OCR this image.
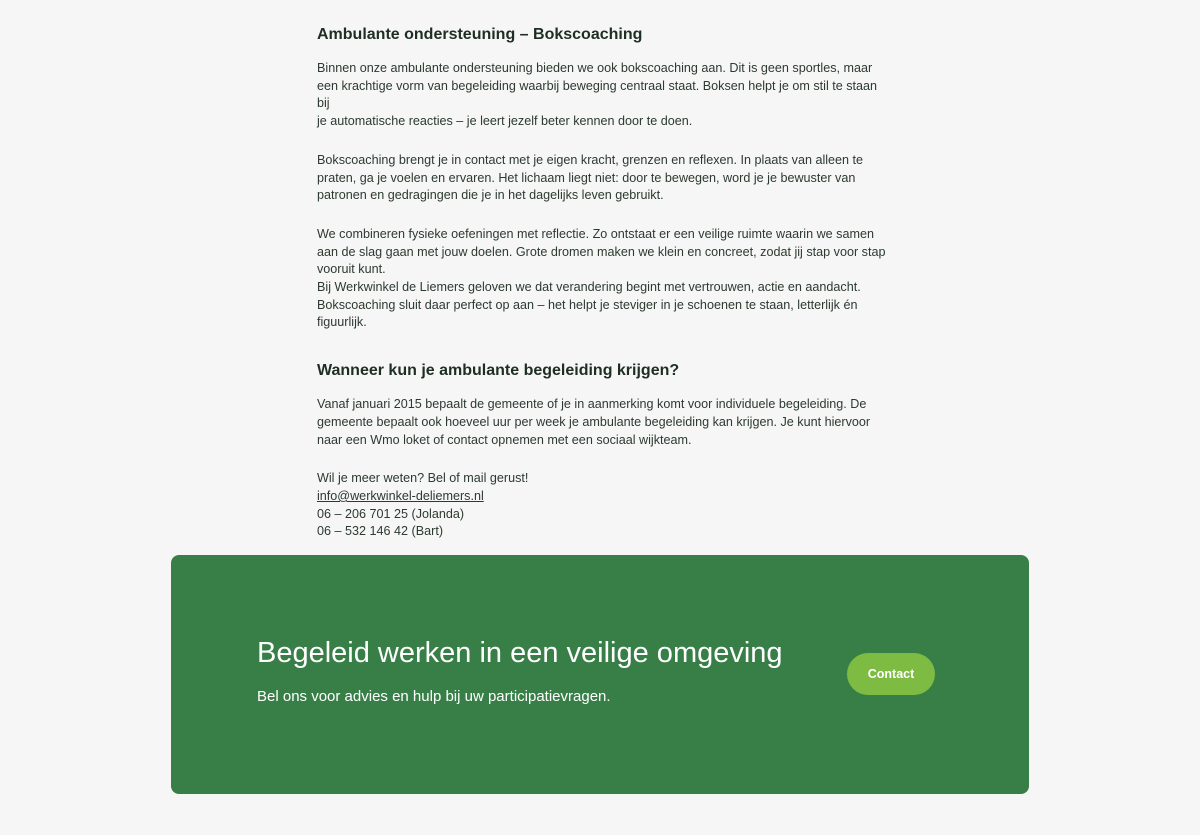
Ambulante ondersteuning – Bokscoaching

Binnen onze ambulante ondersteuning bieden we ook bokscoaching aan. Dit is geen sportles, maar
een krachtige vorm van begeleiding waarbij beweging centraal staat. Boksen helpt je om stil te staan bij
je automatische reacties – je leert jezelf beter kennen door te doen.

Bokscoaching brengt je in contact met je eigen kracht, grenzen en reflexen. In plaats van alleen te
praten, ga je voelen en ervaren. Het lichaam liegt niet: door te bewegen, word je je bewuster van
patronen en gedragingen die je in het dagelijks leven gebruikt.

We combineren fysieke oefeningen met reflectie. Zo ontstaat er een veilige ruimte waarin we samen
aan de slag gaan met jouw doelen. Grote dromen maken we klein en concreet, zodat jij stap voor stap
vooruit kunt.
Bij Werkwinkel de Liemers geloven we dat verandering begint met vertrouwen, actie en aandacht.
Bokscoaching sluit daar perfect op aan – het helpt je steviger in je schoenen te staan, letterlijk én
figuurlijk.

Wanneer kun je ambulante begeleiding krijgen?

Vanaf januari 2015 bepaalt de gemeente of je in aanmerking komt voor individuele begeleiding. De
gemeente bepaalt ook hoeveel uur per week je ambulante begeleiding kan krijgen. Je kunt hiervoor
naar een Wmo loket of contact opnemen met een sociaal wijkteam.

Wil je meer weten? Bel of mail gerust!
info@werkwinkel-deliemers.nl
06 – 206 701 25 (Jolanda)
06 – 532 146 42 (Bart)

Begeleid werken in een veilige omgeving

Bel ons voor advies en hulp bij uw participatievragen.

Contact
